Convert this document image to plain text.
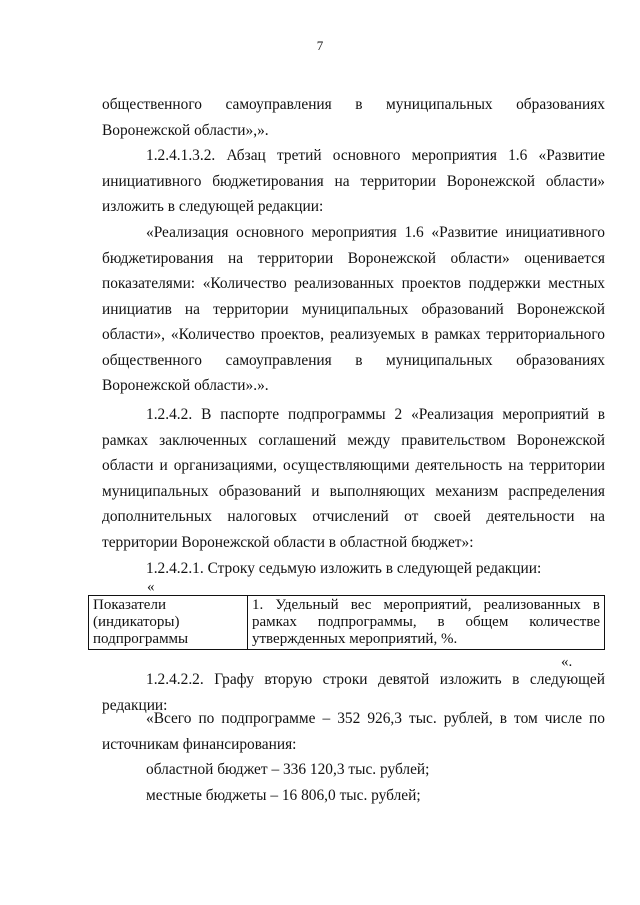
7
общественного самоуправления в муниципальных образованиях Воронежской области»,».
1.2.4.1.3.2. Абзац третий основного мероприятия 1.6 «Развитие инициативного бюджетирования на территории Воронежской области» изложить в следующей редакции:
«Реализация основного мероприятия 1.6 «Развитие инициативного бюджетирования на территории Воронежской области» оценивается показателями: «Количество реализованных проектов поддержки местных инициатив на территории муниципальных образований Воронежской области», «Количество проектов, реализуемых в рамках территориального общественного самоуправления в муниципальных образованиях Воронежской области».».
1.2.4.2. В паспорте подпрограммы 2 «Реализация мероприятий в рамках заключенных соглашений между правительством Воронежской области и организациями, осуществляющими деятельность на территории муниципальных образований и выполняющих механизм распределения дополнительных налоговых отчислений от своей деятельности на территории Воронежской области в областной бюджет»:
1.2.4.2.1. Строку седьмую изложить в следующей редакции:
«
Показатели (индикаторы) подпрограммы	1. Удельный вес мероприятий, реализованных в рамках подпрограммы, в общем количестве утвержденных мероприятий, %.
«.
1.2.4.2.2. Графу вторую строки девятой изложить в следующей редакции:
«Всего по подпрограмме – 352 926,3 тыс. рублей, в том числе по источникам финансирования:
областной бюджет – 336 120,3 тыс. рублей;
местные бюджеты – 16 806,0 тыс. рублей;
